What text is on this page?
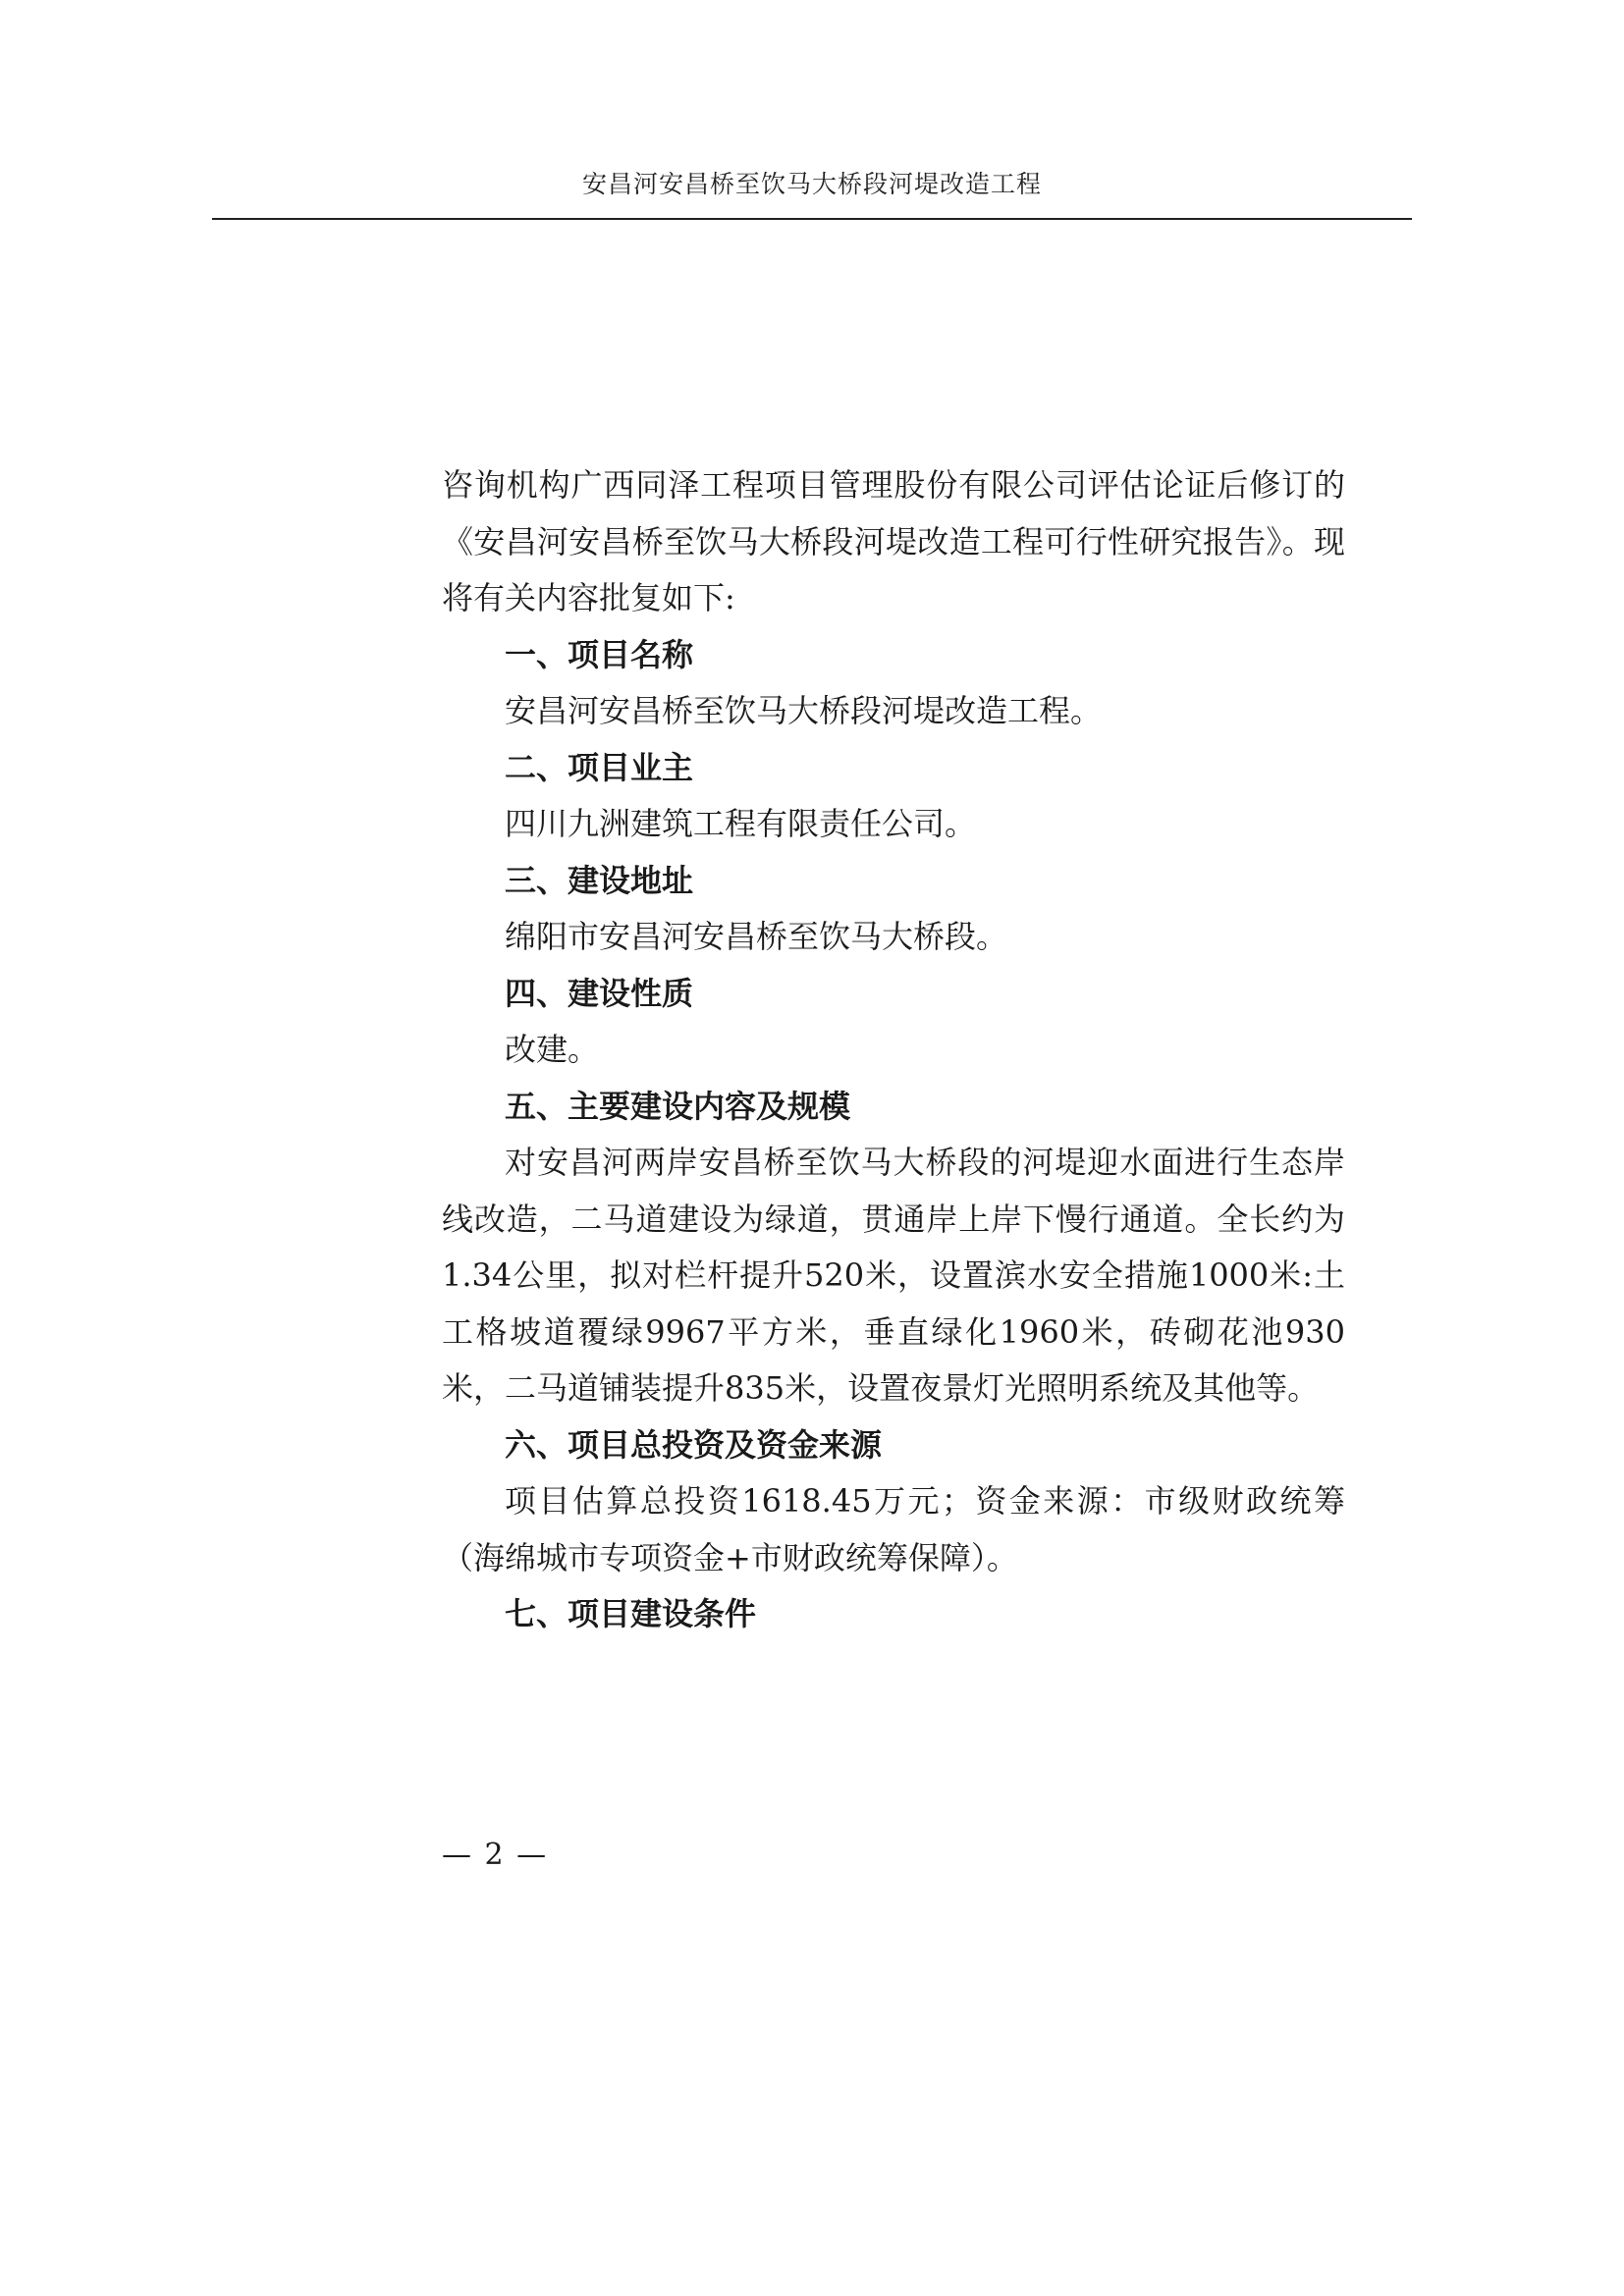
安昌河安昌桥至饮马大桥段河堤改造工程

咨询机构广西同泽工程项目管理股份有限公司评估论证后修订的《安昌河安昌桥至饮马大桥段河堤改造工程可行性研究报告》。现将有关内容批复如下:

一、项目名称

安昌河安昌桥至饮马大桥段河堤改造工程。

二、项目业主

四川九洲建筑工程有限责任公司。

三、建设地址

绵阳市安昌河安昌桥至饮马大桥段。

四、建设性质

改建。

五、主要建设内容及规模

对安昌河两岸安昌桥至饮马大桥段的河堤迎水面进行生态岸线改造，二马道建设为绿道，贯通岸上岸下慢行通道。全长约为1.34公里，拟对栏杆提升520米，设置滨水安全措施1000米:土工格坡道覆绿9967平方米，垂直绿化1960米，砖砌花池930米，二马道铺装提升835米，设置夜景灯光照明系统及其他等。

六、项目总投资及资金来源

项目估算总投资1618.45万元；资金来源：市级财政统筹（海绵城市专项资金+市财政统筹保障）。

七、项目建设条件

— 2 —
